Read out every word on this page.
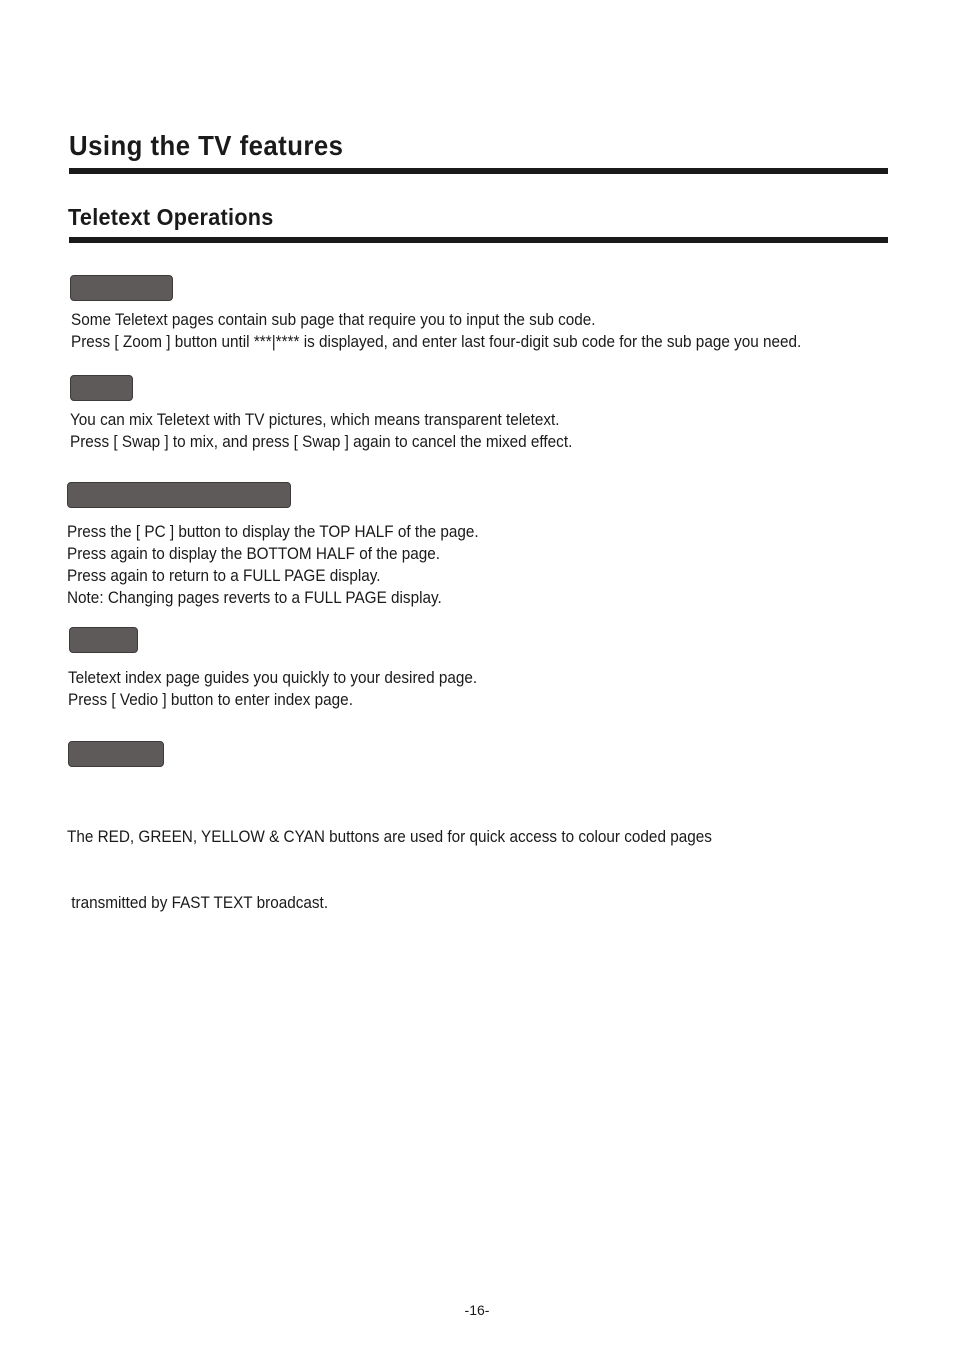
Using the TV features
Teletext Operations

Some Teletext pages contain sub page that require you to input the sub code.
Press [ Zoom ] button until ***|**** is displayed, and enter last four-digit sub code for the sub page you need.

You can mix Teletext with TV pictures, which means transparent teletext.
Press [ Swap ] to mix, and press [ Swap ] again to cancel the mixed effect.

Press the [ PC ] button to display the TOP HALF of the page.
Press again to display the BOTTOM HALF of the page.
Press again to return to a FULL PAGE display.
Note: Changing pages reverts to a FULL PAGE display.

Teletext index page guides you quickly to your desired page.
Press [ Vedio ] button to enter index page.

The RED, GREEN, YELLOW & CYAN buttons are used for quick access to colour coded pages

transmitted by FAST TEXT broadcast.

-16-
